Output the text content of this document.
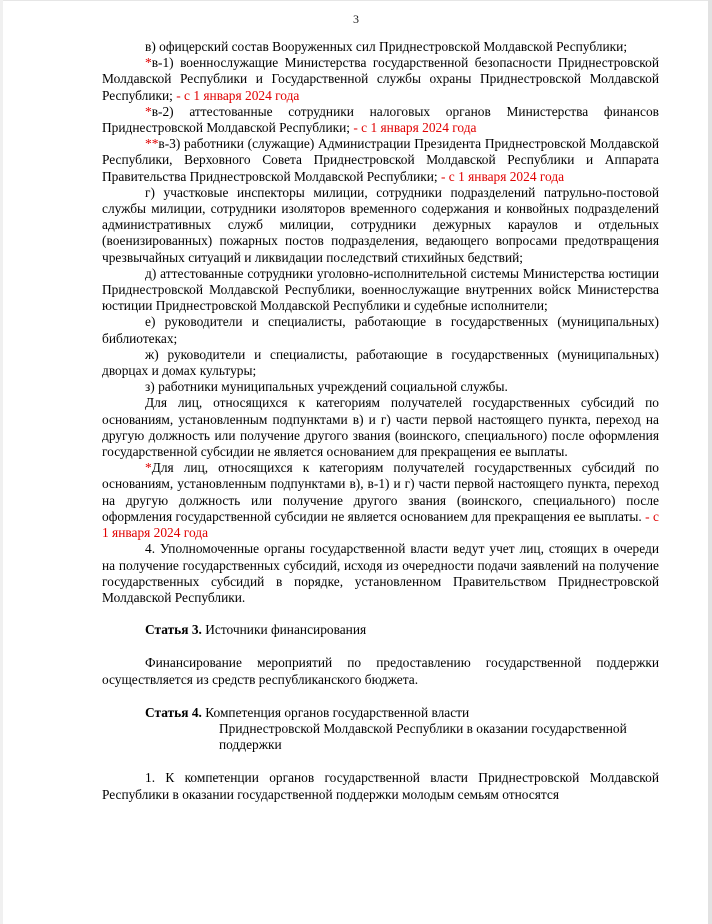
3

в) офицерский состав Вооруженных сил Приднестровской Молдавской Республики;

*в-1) военнослужащие Министерства государственной безопасности Приднестровской Молдавской Республики и Государственной службы охраны Приднестровской Молдавской Республики; - с 1 января 2024 года

*в-2) аттестованные сотрудники налоговых органов Министерства финансов Приднестровской Молдавской Республики; - с 1 января 2024 года

**в-3) работники (служащие) Администрации Президента Приднестровской Молдавской Республики, Верховного Совета Приднестровской Молдавской Республики и Аппарата Правительства Приднестровской Молдавской Республики; - с 1 января 2024 года

г) участковые инспекторы милиции, сотрудники подразделений патрульно-постовой службы милиции, сотрудники изоляторов временного содержания и конвойных подразделений административных служб милиции, сотрудники дежурных караулов и отдельных (военизированных) пожарных постов подразделения, ведающего вопросами предотвращения чрезвычайных ситуаций и ликвидации последствий стихийных бедствий;

д) аттестованные сотрудники уголовно-исполнительной системы Министерства юстиции Приднестровской Молдавской Республики, военнослужащие внутренних войск Министерства юстиции Приднестровской Молдавской Республики и судебные исполнители;

е) руководители и специалисты, работающие в государственных (муниципальных) библиотеках;

ж) руководители и специалисты, работающие в государственных (муниципальных) дворцах и домах культуры;

з) работники муниципальных учреждений социальной службы.

Для лиц, относящихся к категориям получателей государственных субсидий по основаниям, установленным подпунктами в) и г) части первой настоящего пункта, переход на другую должность или получение другого звания (воинского, специального) после оформления государственной субсидии не является основанием для прекращения ее выплаты.

*Для лиц, относящихся к категориям получателей государственных субсидий по основаниям, установленным подпунктами в), в-1) и г) части первой настоящего пункта, переход на другую должность или получение другого звания (воинского, специального) после оформления государственной субсидии не является основанием для прекращения ее выплаты. - с 1 января 2024 года

4. Уполномоченные органы государственной власти ведут учет лиц, стоящих в очереди на получение государственных субсидий, исходя из очередности подачи заявлений на получение государственных субсидий в порядке, установленном Правительством Приднестровской Молдавской Республики.

Статья 3. Источники финансирования

Финансирование мероприятий по предоставлению государственной поддержки осуществляется из средств республиканского бюджета.

Статья 4. Компетенция органов государственной власти

Приднестровской Молдавской Республики в оказании государственной поддержки

1. К компетенции органов государственной власти Приднестровской Молдавской Республики в оказании государственной поддержки молодым семьям относятся
